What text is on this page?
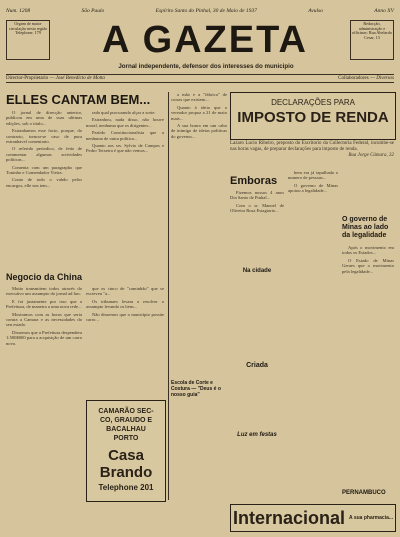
Num. 1208	São Paulo	Espírito Santo do Pinhal, 30 de Maio de 1937	Avulso	Anno XV
Orgam de maior circulação nesta região Telephone, 179	A GAZETA	Redacção, administração e officinas: Rua Abelardo Cesar, 13
Jornal independente, defensor dos interesses do municipio
Director-Proprietario — José Benedicto de Motta	Collaboradores — Diversos
ELLES CANTAM BEM...

O jornal de direcção anterior, publicou em uma de suas ultimas edições, sob o titulo...

Estranhamos esse facto, porque, do contrario, tornou-se caso de pura estranhavel comentario.

O referido periodico, de feito de commentar algumas actividades politicas...

Comenta com um paragrapho que Toninho e Comendador Vieira.

Conta de todo o vahdo pelos encargos, elle nos tem...

rada qual procurando alçar a sorte.

Estranhou, nada disso, não houve moral, nenhuma que os dirigentes...

Partido Constitucionalista que a nenhuma de outra politica...

Quanto aos srs. Sylvio de Campos e Pedro Teixeira é que não vemos...

Negocio da China

Muito transmitem todos através do executivo um assumpto do jornal ad hoc.

E foi justamente por isso que a Prefeitura, de maneira a uma nova rede...

Mostramos com as horas que seria contra a Camara e as necessidades do seu estado.

Dissemos que a Prefeitura despendera 1:500$000 para a acquisição de um carro novo.

que os cinco de "caminhão" que se escreveu "a...

Os tribunaes levam a resolver o assumpto levando os bens...

Não dissemos que o município possúe carro...

CAMARÃO SEC-
CO, GRAUDO E
BACALHAU
PORTO
Casa Brando
Telephone 201

a mão e a "fábrica" de coisas que existem...

Quanto à ideia que o vereador propoz a 21 de maio mais...

A sua honra em um cabo de inimigo de ideias politicas do governo...

Escola de Corte e Costura — "Deus é o nosso guia"
DECLARAÇÕES PARA
IMPOSTO DE RENDA
Lazaro Lucio Ribeiro, preposto do Escritorio da Collectoria Federal, incumbe-se nas horas vagas, de preparar declarações para imposto de renda.
Rua Jorge Cámara, 32
Emboras

Fizemos nossos 4 anos Dia Santo de Pinhal...

Com o sr. Manoel de Oliveira Rosa Estagiario...

Na cidade
Criada
Luz em festas

hem era já tapulhada o numero de pessoas...

O governo de Minas apoiou a legalidade...

O governo de Minas ao lado da legalidade

Após o movimento em todos os Estados...

O Estado de Minas Geraes que o movimento pela legalidade...

PERNAMBUCO
Internacional A sua pharmacia...
